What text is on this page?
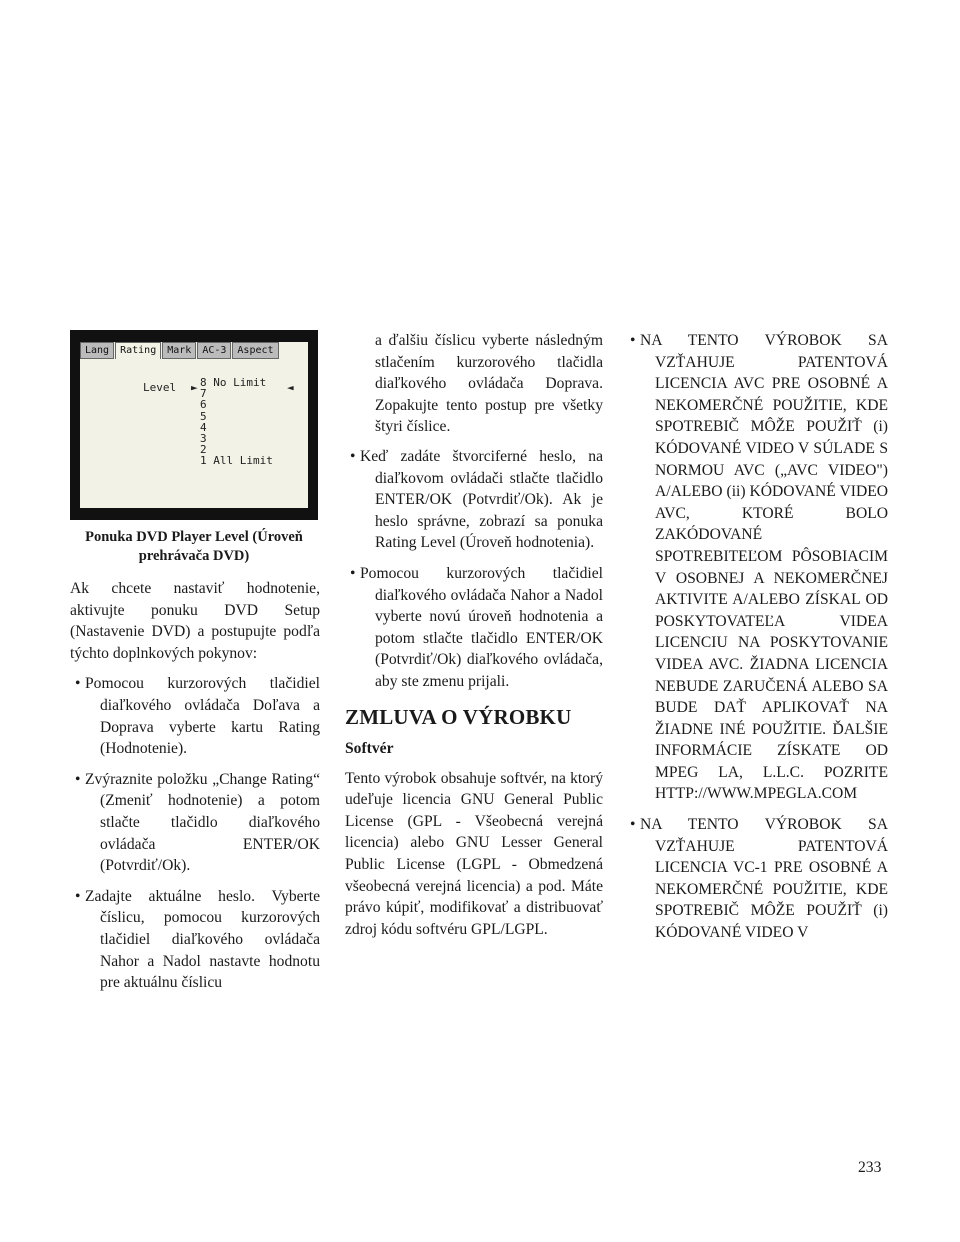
Lang	Rating	Mark	AC-3	Aspect
Level ► 8 No Limit
7
6
5
4
3
2
1 All Limit
◄
Ponuka DVD Player Level (Úroveň prehrávača DVD)

Ak chcete nastaviť hodnotenie, aktivujte ponuku DVD Setup (Nastavenie DVD) a postupujte podľa týchto doplnkových pokynov:

• Pomocou kurzorových tlačidiel diaľkového ovládača Doľava a Doprava vyberte kartu Rating (Hodnotenie).
• Zvýraznite položku „Change Rating“ (Zmeniť hodnotenie) a potom stlačte tlačidlo diaľkového ovládača ENTER/OK (Potvrdiť/Ok).
• Zadajte aktuálne heslo. Vyberte číslicu, pomocou kurzorových tlačidiel diaľkového ovládača Nahor a Nadol nastavte hodnotu pre aktuálnu číslicu
a ďalšiu číslicu vyberte následným stlačením kurzorového tlačidla diaľkového ovládača Doprava. Zopakujte tento postup pre všetky štyri číslice.
• Keď zadáte štvorciferné heslo, na diaľkovom ovládači stlačte tlačidlo ENTER/OK (Potvrdiť/Ok). Ak je heslo správne, zobrazí sa ponuka Rating Level (Úroveň hodnotenia).
• Pomocou kurzorových tlačidiel diaľkového ovládača Nahor a Nadol vyberte novú úroveň hodnotenia a potom stlačte tlačidlo ENTER/OK (Potvrdiť/Ok) diaľkového ovládača, aby ste zmenu prijali.
ZMLUVA O VÝROBKU
Softvér

Tento výrobok obsahuje softvér, na ktorý udeľuje licencia GNU General Public License (GPL - Všeobecná verejná licencia) alebo GNU Lesser General Public License (LGPL - Obmedzená všeobecná verejná licencia) a pod. Máte právo kúpiť, modifikovať a distribuovať zdroj kódu softvéru GPL/LGPL.

• NA TENTO VÝROBOK SA VZŤAHUJE PATENTOVÁ LICENCIA AVC PRE OSOBNÉ A NEKOMERČNÉ POUŽITIE, KDE SPOTREBIČ MÔŽE POUŽIŤ (i) KÓDOVANÉ VIDEO V SÚLADE S NORMOU AVC („AVC VIDEO") A/ALEBO (ii) KÓDOVANÉ VIDEO AVC, KTORÉ BOLO ZAKÓDOVANÉ SPOTREBITEĽOM PÔSOBIACIM V OSOBNEJ A NEKOMERČNEJ AKTIVITE A/ALEBO ZÍSKAL OD POSKYTOVATEĽA VIDEA LICENCIU NA POSKYTOVANIE VIDEA AVC. ŽIADNA LICENCIA NEBUDE ZARUČENÁ ALEBO SA BUDE DAŤ APLIKOVAŤ NA ŽIADNE INÉ POUŽITIE. ĎALŠIE INFORMÁCIE ZÍSKATE OD MPEG LA, L.L.C. POZRITE HTTP://WWW.MPEGLA.COM
• NA TENTO VÝROBOK SA VZŤAHUJE PATENTOVÁ LICENCIA VC-1 PRE OSOBNÉ A NEKOMERČNÉ POUŽITIE, KDE SPOTREBIČ MÔŽE POUŽIŤ (i) KÓDOVANÉ VIDEO V
233
